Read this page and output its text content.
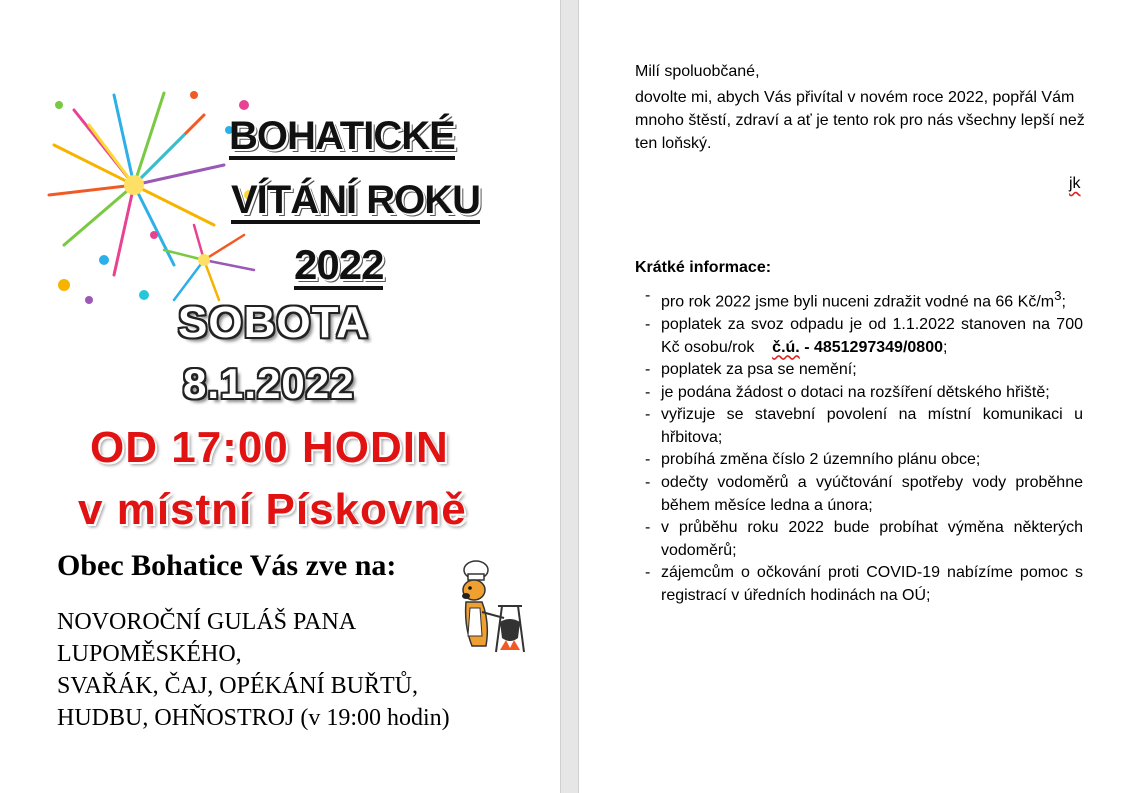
BOHATICKÉ
VÍTÁNÍ ROKU
2022
SOBOTA
8.1.2022
OD 17:00 HODIN
v místní Pískovně
Obec Bohatice Vás zve na:
NOVOROČNÍ GULÁŠ PANA
LUPOMĚSKÉHO,
SVAŘÁK, ČAJ, OPÉKÁNÍ BUŘTŮ,
HUDBU, OHŇOSTROJ (v 19:00 hodin)
Milí spoluobčané,
dovolte mi, abych Vás přivítal v novém roce 2022, popřál Vám mnoho štěstí, zdraví a ať je tento rok pro nás všechny lepší než ten loňský.
jk
Krátké informace:
- pro rok 2022 jsme byli nuceni zdražit vodné na 66 $Kč/m^3$;
- poplatek za svoz odpadu je od 1.1.2022 stanoven na 700 Kč osobu/rok č.ú. - 4851297349/0800;
- poplatek za psa se nemění;
- je podána žádost o dotaci na rozšíření dětského hřiště;
- vyřizuje se stavební povolení na místní komunikaci u hřbitova;
- probíhá změna číslo 2 územního plánu obce;
- odečty vodoměrů a vyúčtování spotřeby vody proběhne během měsíce ledna a února;
- v průběhu roku 2022 bude probíhat výměna některých vodoměrů;
- zájemcům o očkování proti COVID-19 nabízíme pomoc s registrací v úředních hodinách na OÚ;
